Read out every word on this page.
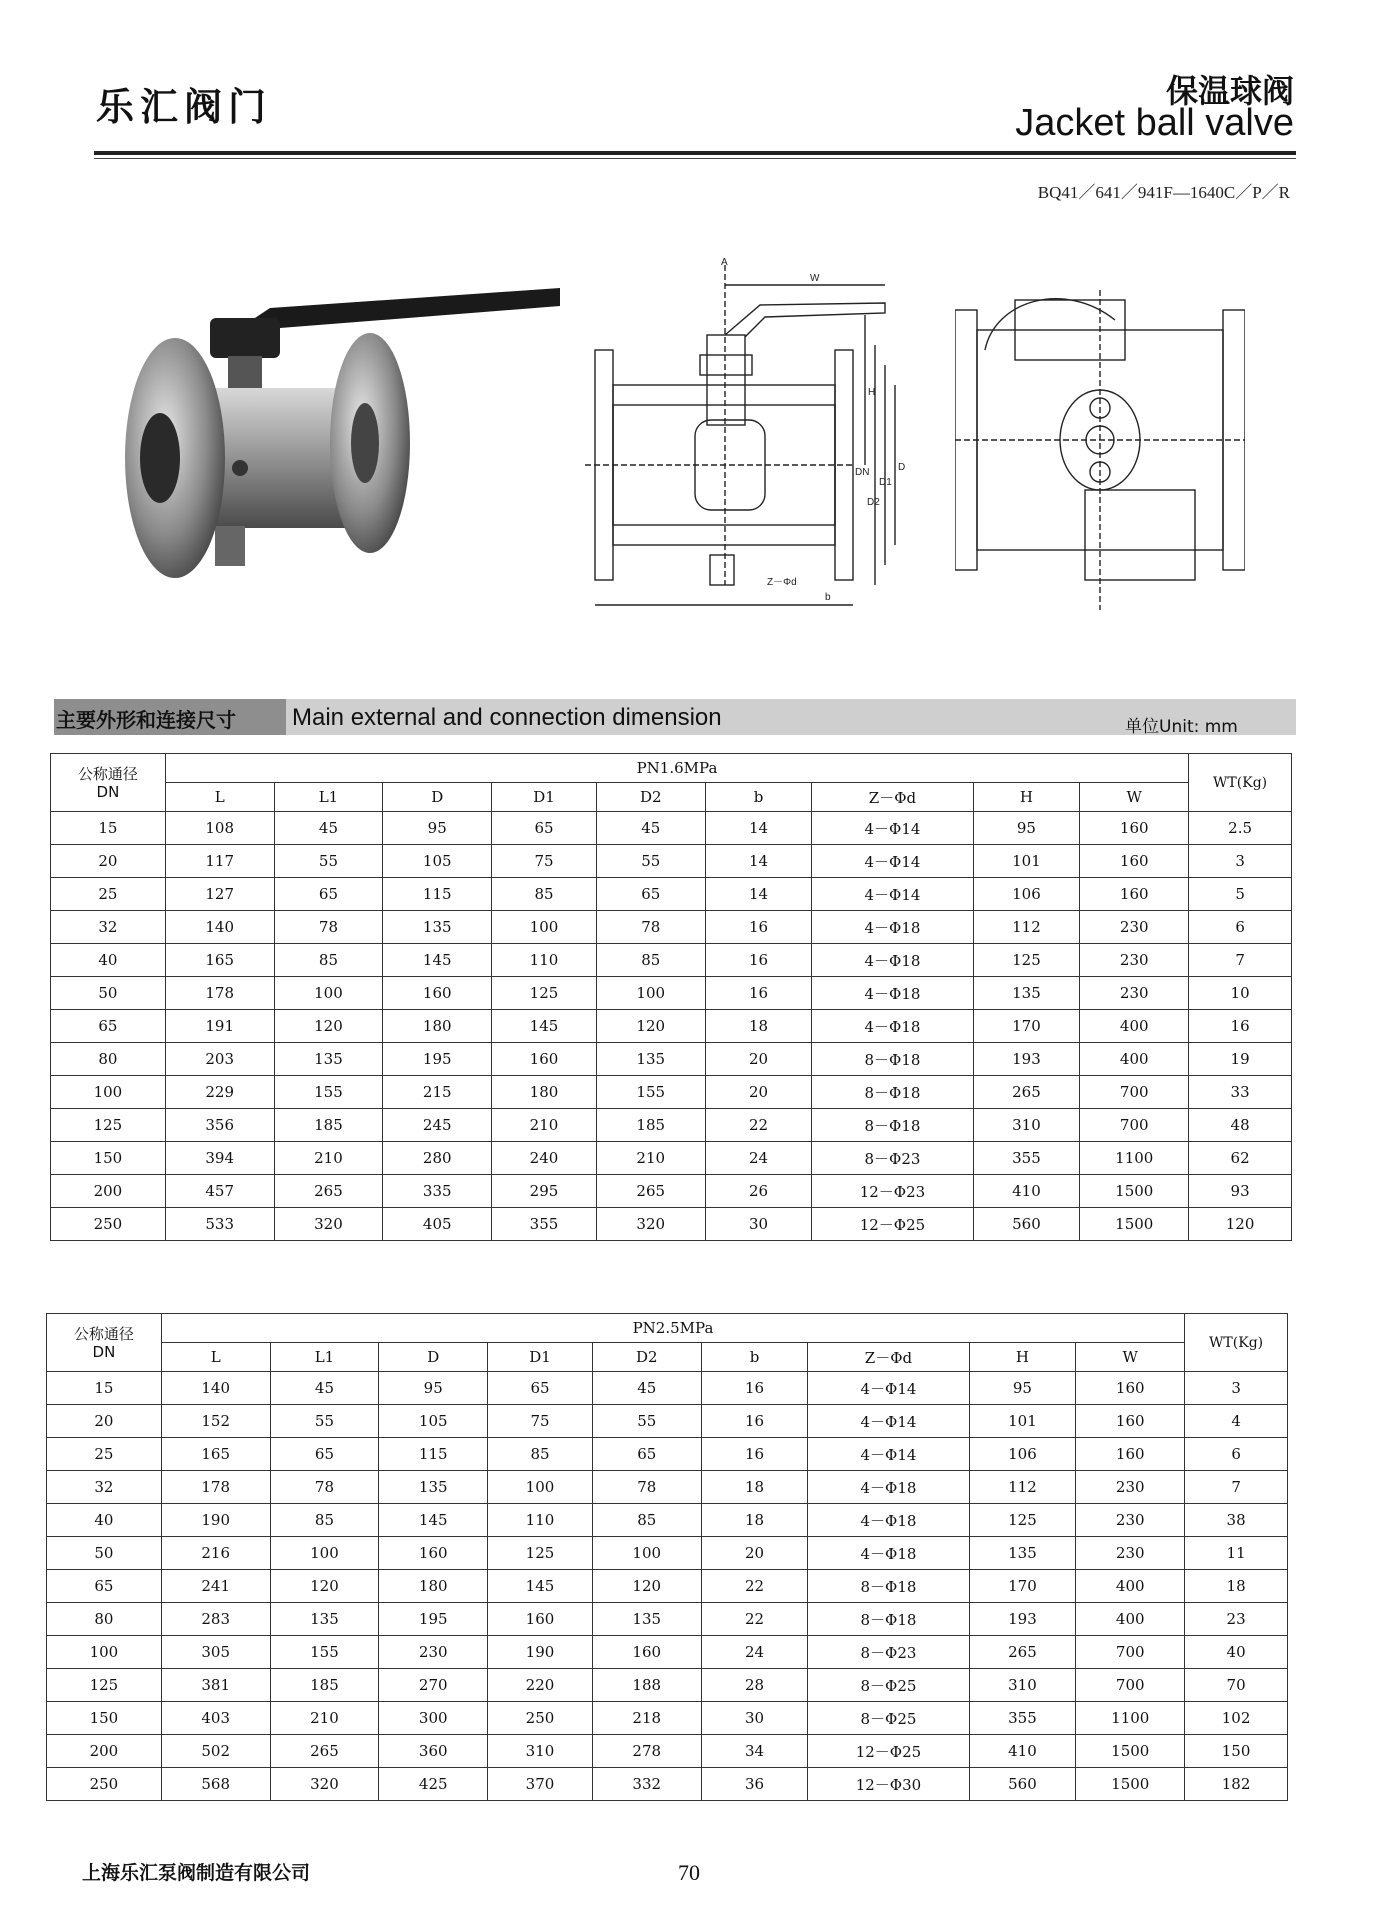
乐汇阀门	保温球阀
Jacket ball valve
BQ41／641／941F—1640C／P／R
A
W
H
DN
D2
D1
D
Z－Φd
b
主要外形和连接尺寸 Main external and connection dimension	单位Unit: mm
公称通径
DN	PN1.6MPa									WT(Kg)
	L	L1	D	D1	D2	b	Z－Φd	H	W	
15	108	45	95	65	45	14	4－Φ14	95	160	2.5
20	117	55	105	75	55	14	4－Φ14	101	160	3
25	127	65	115	85	65	14	4－Φ14	106	160	5
32	140	78	135	100	78	16	4－Φ18	112	230	6
40	165	85	145	110	85	16	4－Φ18	125	230	7
50	178	100	160	125	100	16	4－Φ18	135	230	10
65	191	120	180	145	120	18	4－Φ18	170	400	16
80	203	135	195	160	135	20	8－Φ18	193	400	19
100	229	155	215	180	155	20	8－Φ18	265	700	33
125	356	185	245	210	185	22	8－Φ18	310	700	48
150	394	210	280	240	210	24	8－Φ23	355	1100	62
200	457	265	335	295	265	26	12－Φ23	410	1500	93
250	533	320	405	355	320	30	12－Φ25	560	1500	120
公称通径
DN	PN2.5MPa									WT(Kg)
	L	L1	D	D1	D2	b	Z－Φd	H	W	
15	140	45	95	65	45	16	4－Φ14	95	160	3
20	152	55	105	75	55	16	4－Φ14	101	160	4
25	165	65	115	85	65	16	4－Φ14	106	160	6
32	178	78	135	100	78	18	4－Φ18	112	230	7
40	190	85	145	110	85	18	4－Φ18	125	230	38
50	216	100	160	125	100	20	4－Φ18	135	230	11
65	241	120	180	145	120	22	8－Φ18	170	400	18
80	283	135	195	160	135	22	8－Φ18	193	400	23
100	305	155	230	190	160	24	8－Φ23	265	700	40
125	381	185	270	220	188	28	8－Φ25	310	700	70
150	403	210	300	250	218	30	8－Φ25	355	1100	102
200	502	265	360	310	278	34	12－Φ25	410	1500	150
250	568	320	425	370	332	36	12－Φ30	560	1500	182
上海乐汇泵阀制造有限公司	70
